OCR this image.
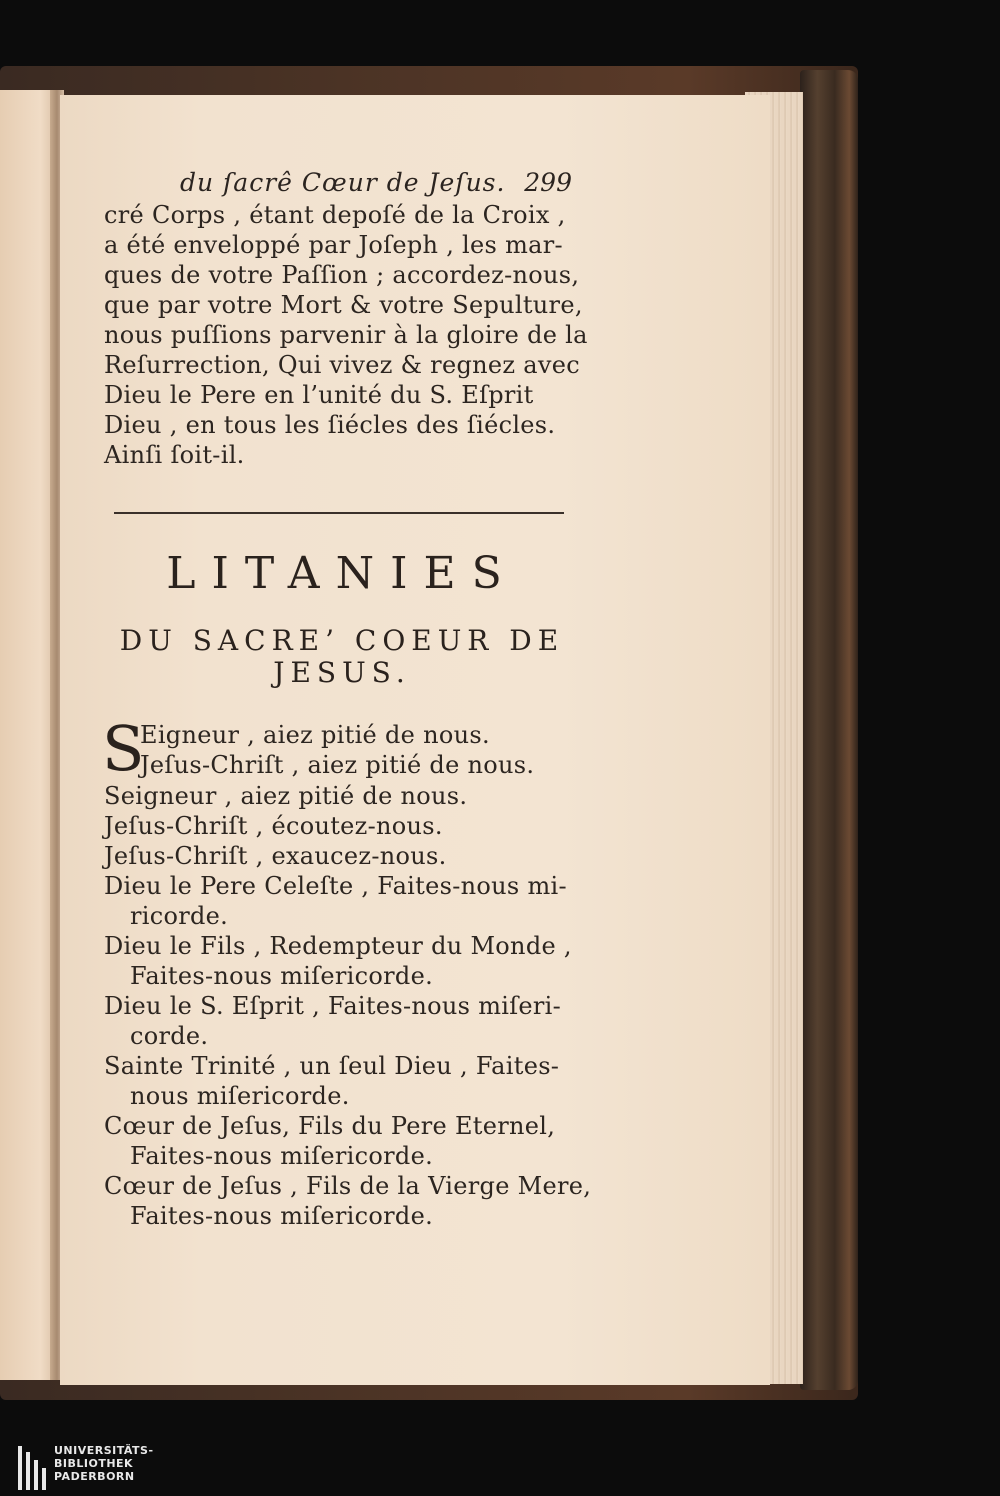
du ſacrê Cœur de Jeſus. 299
cré Corps , étant depoſé de la Croix ,
a été enveloppé par Joſeph , les mar-
ques de votre Paſſion ; accordez-nous,
que par votre Mort & votre Sepulture,
nous puſſions parvenir à la gloire de la
Reſurrection, Qui vivez & regnez avec
Dieu le Pere en l’unité du S. Eſprit
Dieu , en tous les ſiécles des ſiécles.
Ainſi ſoit-il.
LITANIES
DU SACRE’ COEUR DE
JESUS.
S
Eigneur , aiez pitié de nous.
Jeſus-Chriſt , aiez pitié de nous.
Seigneur , aiez pitié de nous.
Jeſus-Chriſt , écoutez-nous.
Jeſus-Chriſt , exaucez-nous.
Dieu le Pere Celeſte , Faites-nous mi-
ricorde.
Dieu le Fils , Redempteur du Monde ,
Faites-nous miſericorde.
Dieu le S. Eſprit , Faites-nous miſeri-
corde.
Sainte Trinité , un ſeul Dieu , Faites-
nous miſericorde.
Cœur de Jeſus, Fils du Pere Eternel,
Faites-nous miſericorde.
Cœur de Jeſus , Fils de la Vierge Mere,
Faites-nous miſericorde.
UNIVERSITÄTS-
BIBLIOTHEK
PADERBORN
